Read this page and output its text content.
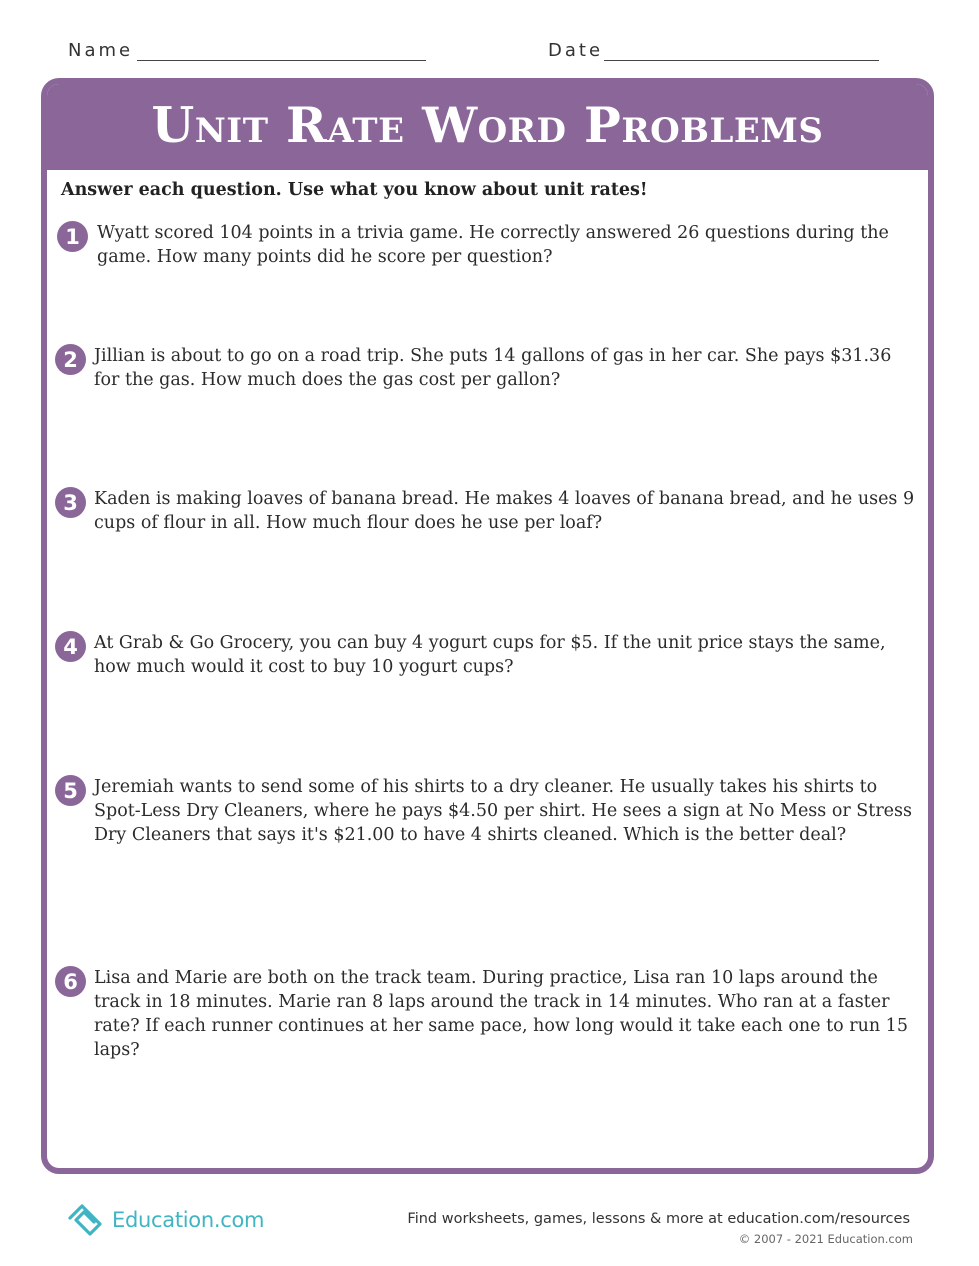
Name	Date
Unit Rate Word Problems
Answer each question. Use what you know about unit rates!
1 Wyatt scored 104 points in a trivia game. He correctly answered 26 questions during the game. How many points did he score per question?
2 Jillian is about to go on a road trip. She puts 14 gallons of gas in her car. She pays $31.36 for the gas. How much does the gas cost per gallon?
3 Kaden is making loaves of banana bread. He makes 4 loaves of banana bread, and he uses 9 cups of flour in all. How much flour does he use per loaf?
4 At Grab & Go Grocery, you can buy 4 yogurt cups for $5. If the unit price stays the same, how much would it cost to buy 10 yogurt cups?
5 Jeremiah wants to send some of his shirts to a dry cleaner. He usually takes his shirts to Spot-Less Dry Cleaners, where he pays $4.50 per shirt. He sees a sign at No Mess or Stress Dry Cleaners that says it's $21.00 to have 4 shirts cleaned. Which is the better deal?
6 Lisa and Marie are both on the track team. During practice, Lisa ran 10 laps around the track in 18 minutes. Marie ran 8 laps around the track in 14 minutes. Who ran at a faster rate? If each runner continues at her same pace, how long would it take each one to run 15 laps?
Education.com	Find worksheets, games, lessons & more at education.com/resources
© 2007 - 2021 Education.com
